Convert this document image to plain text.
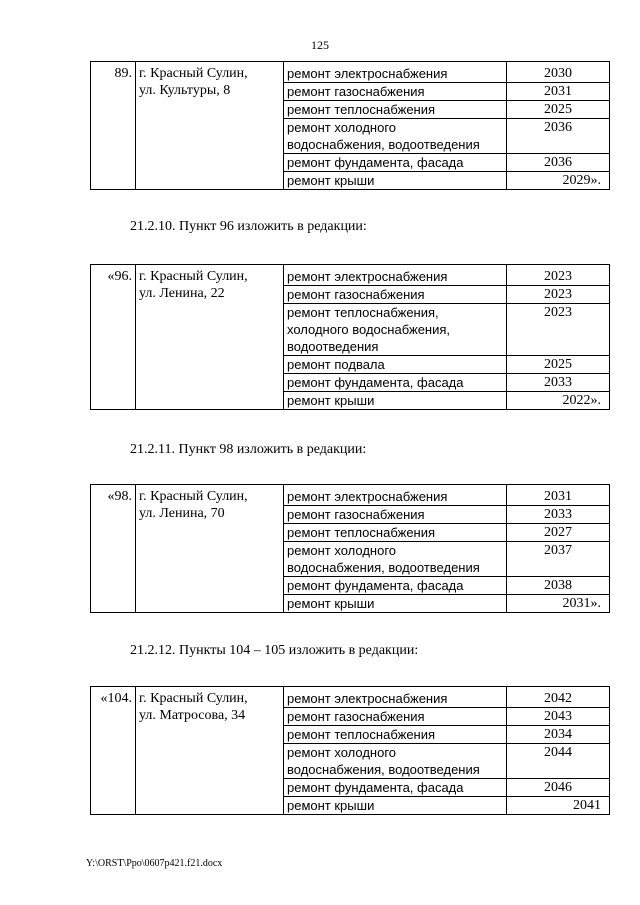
125
89.	г. Красный Сулин,
ул. Культуры, 8	ремонт электроснабжения	2030

		ремонт газоснабжения	2031

		ремонт теплоснабжения	2025

		ремонт холодного
водоснабжения, водоотведения	2036

		ремонт фундамента, фасада	2036

		ремонт крыши	2029».

21.2.10. Пункт 96 изложить в редакции:

«96.	г. Красный Сулин,
ул. Ленина, 22	ремонт электроснабжения	2023

		ремонт газоснабжения	2023

		ремонт теплоснабжения,
холодного водоснабжения,
водоотведения	2023

		ремонт подвала	2025

		ремонт фундамента, фасада	2033

		ремонт крыши	2022».

21.2.11. Пункт 98 изложить в редакции:

«98.	г. Красный Сулин,
ул. Ленина, 70	ремонт электроснабжения	2031

		ремонт газоснабжения	2033

		ремонт теплоснабжения	2027

		ремонт холодного
водоснабжения, водоотведения	2037

		ремонт фундамента, фасада	2038

		ремонт крыши	2031».

21.2.12. Пункты 104 – 105 изложить в редакции:

«104.	г. Красный Сулин,
ул. Матросова, 34	ремонт электроснабжения	2042

		ремонт газоснабжения	2043

		ремонт теплоснабжения	2034

		ремонт холодного
водоснабжения, водоотведения	2044

		ремонт фундамента, фасада	2046

		ремонт крыши	2041
Y:\ORST\Ppo\0607p421.f21.docx
